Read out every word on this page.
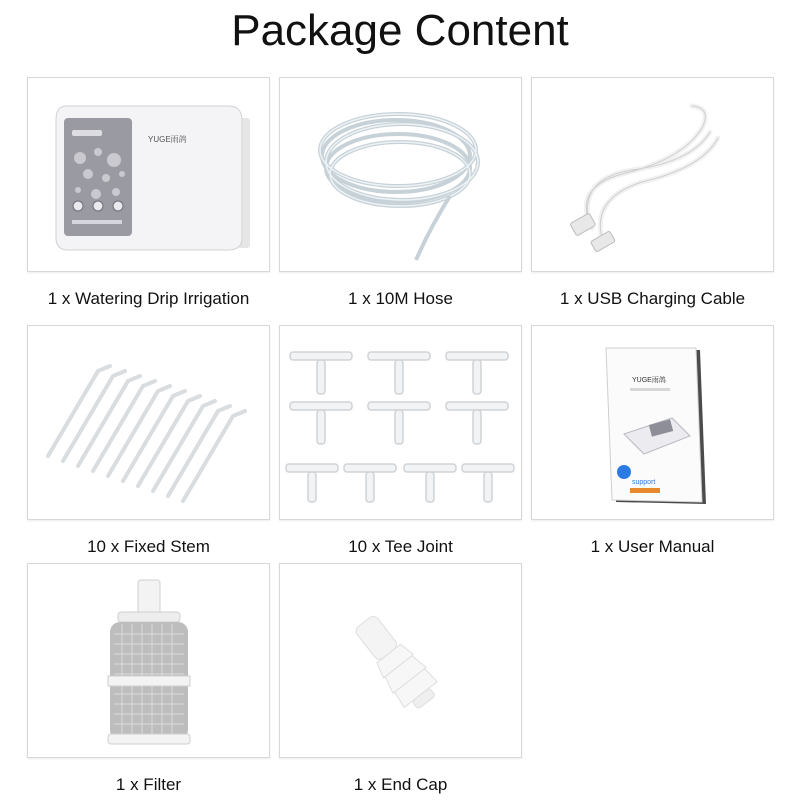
Package Content
YUGE雨鸽
1 x Watering Drip Irrigation	1 x 10M Hose	1 x USB Charging Cable
10 x Fixed Stem	10 x Tee Joint
YUGE雨鸽
support
1 x User Manual
1 x Filter	1 x End Cap
